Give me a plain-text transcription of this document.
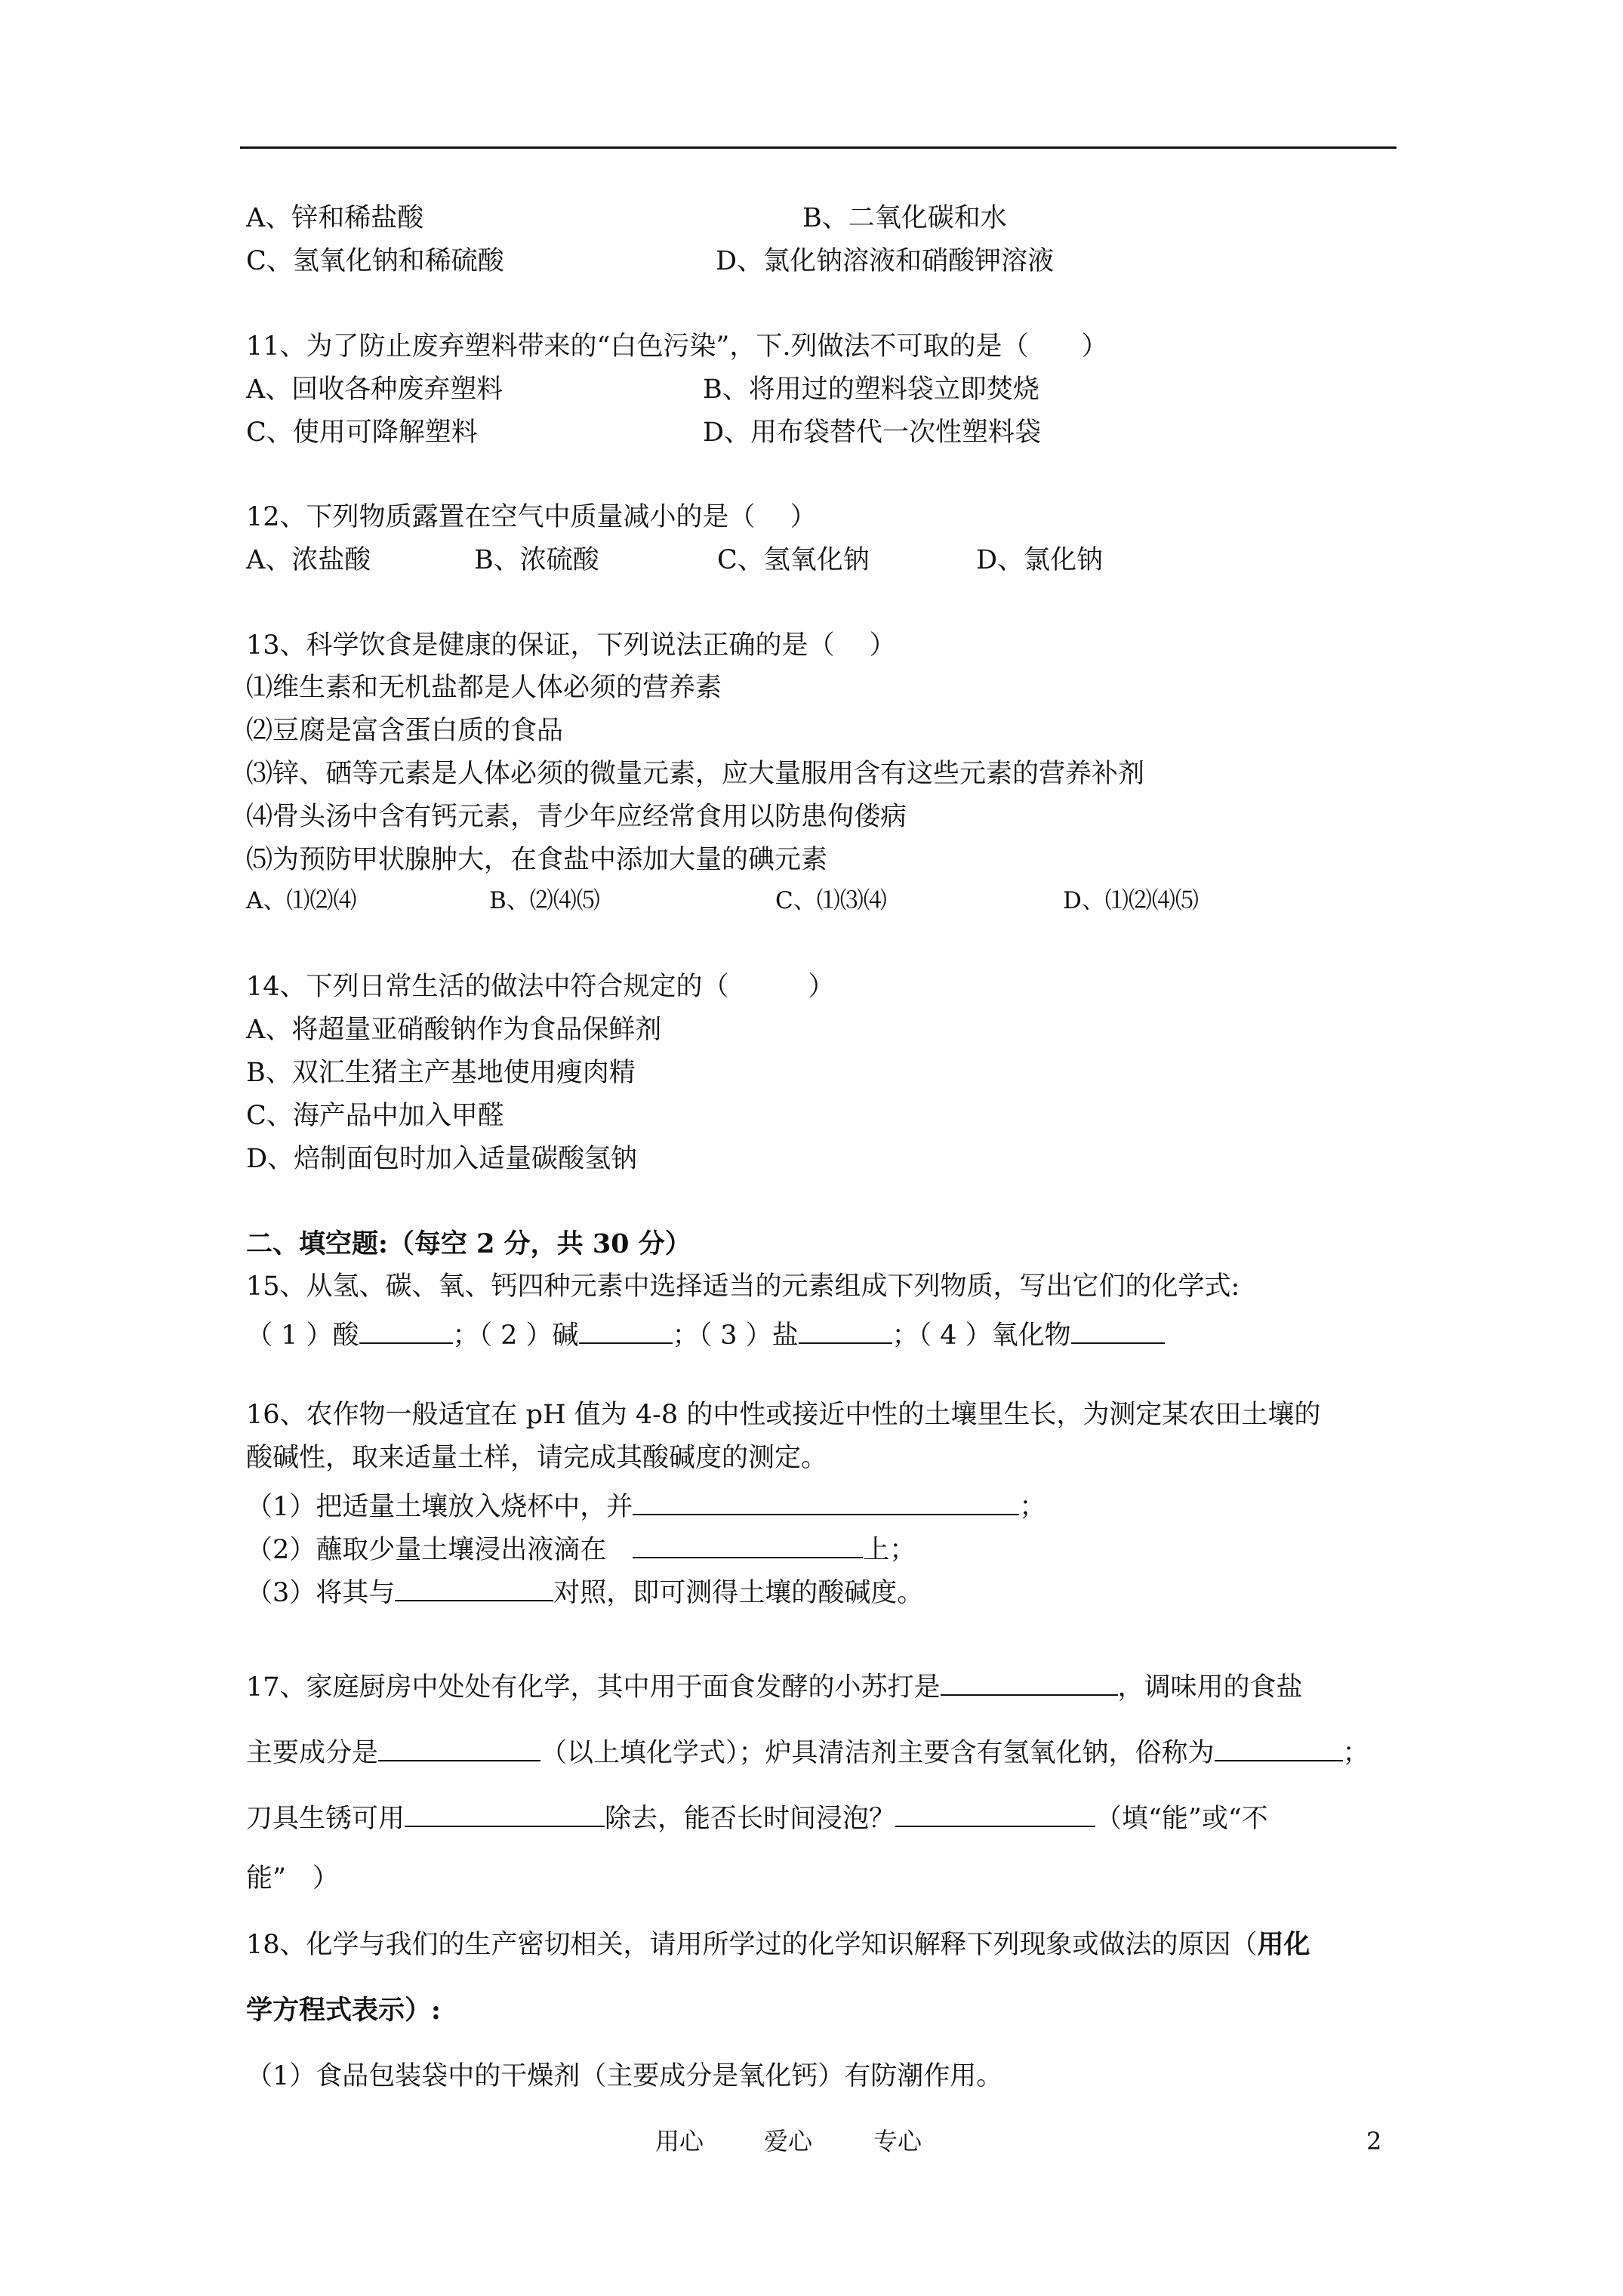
A、锌和稀盐酸	B、二氧化碳和水
C、氢氧化钠和稀硫酸	D、氯化钠溶液和硝酸钾溶液
11、为了防止废弃塑料带来的“白色污染”，下.列做法不可取的是（　　）
A、回收各种废弃塑料	B、将用过的塑料袋立即焚烧
C、使用可降解塑料	D、用布袋替代一次性塑料袋
12、下列物质露置在空气中质量减小的是（　 ）
A、浓盐酸	B、浓硫酸	C、氢氧化钠	D、氯化钠
13、科学饮食是健康的保证，下列说法正确的是（　 ）
⑴维生素和无机盐都是人体必须的营养素
⑵豆腐是富含蛋白质的食品
⑶锌、硒等元素是人体必须的微量元素，应大量服用含有这些元素的营养补剂
⑷骨头汤中含有钙元素，青少年应经常食用以防患佝偻病
⑸为预防甲状腺肿大，在食盐中添加大量的碘元素
A、⑴⑵⑷	B、⑵⑷⑸	C、⑴⑶⑷	D、⑴⑵⑷⑸
14、下列日常生活的做法中符合规定的（　　　）
A、将超量亚硝酸钠作为食品保鲜剂
B、双汇生猪主产基地使用瘦肉精
C、海产品中加入甲醛
D、焙制面包时加入适量碳酸氢钠
二、填空题:（每空 2 分，共 30 分）
15、从氢、碳、氧、钙四种元素中选择适当的元素组成下列物质，写出它们的化学式:
（ 1 ）酸	；（ 2 ）碱	；（ 3 ）盐	；（ 4 ）氧化物
16、农作物一般适宜在 pH 值为 4-8 的中性或接近中性的土壤里生长，为测定某农田土壤的
酸碱性，取来适量土样，请完成其酸碱度的测定。
（1）把适量土壤放入烧杯中，并	；
（2）蘸取少量土壤浸出液滴在　	上；
（3）将其与	对照，即可测得土壤的酸碱度。
17、家庭厨房中处处有化学，其中用于面食发酵的小苏打是	，调味用的食盐
主要成分是	（以上填化学式）；炉具清洁剂主要含有氢氧化钠，俗称为	；
刀具生锈可用	除去，能否长时间浸泡？	（填“能”或“不
能”　）
18、化学与我们的生产密切相关，请用所学过的化学知识解释下列现象或做法的原因（用化
学方程式表示）:
（1）食品包装袋中的干燥剂（主要成分是氧化钙）有防潮作用。
用心 爱心	专心	2
